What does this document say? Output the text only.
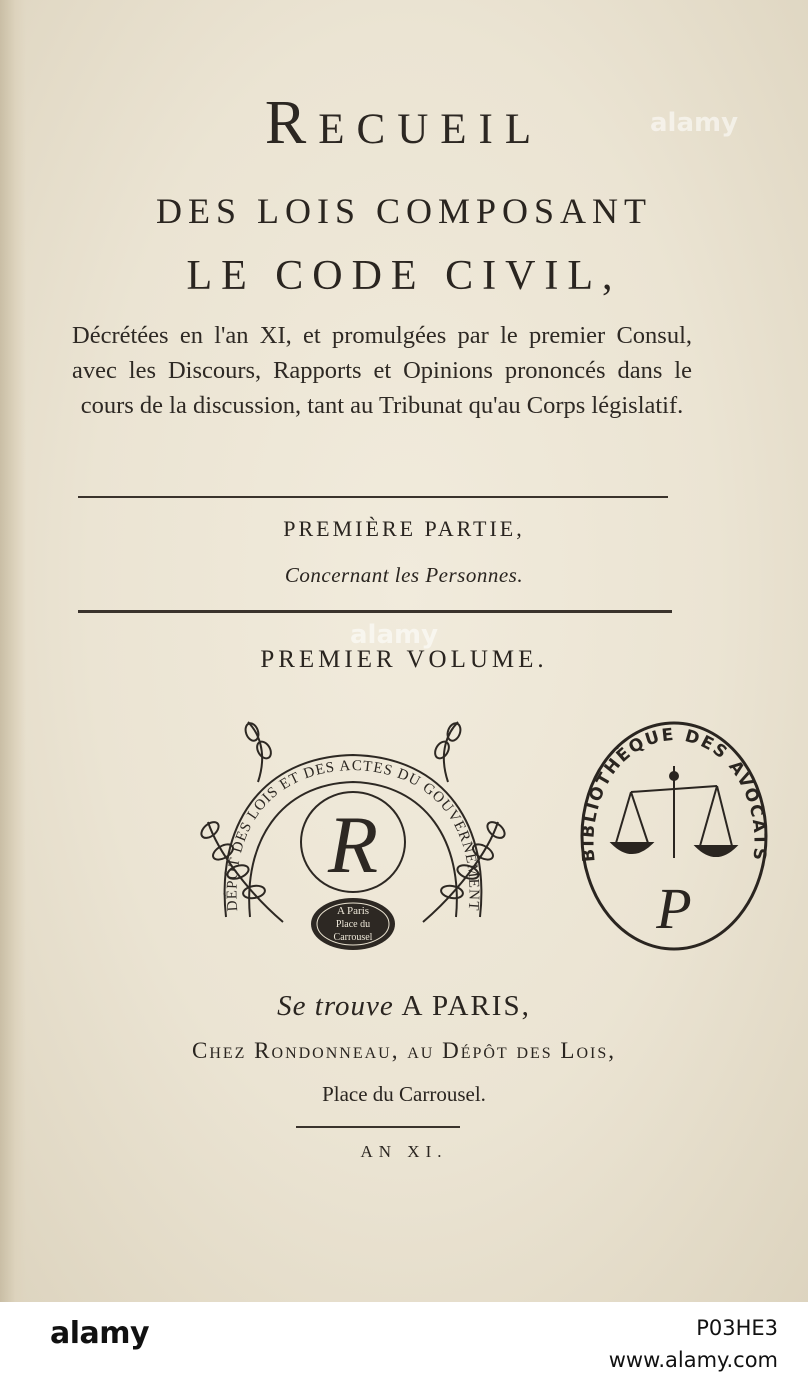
alamy
alamy
Recueil
DES LOIS COMPOSANT
LE CODE CIVIL,
Décrétées en l'an XI, et promulgées par le premier Consul, avec les Discours, Rapports et Opinions prononcés dans le cours de la discussion, tant au Tribunat qu'au Corps législatif.
PREMIÈRE PARTIE,
Concernant les Personnes.
PREMIER VOLUME.
DÉPÔT DES LOIS ET DES ACTES DU GOUVERNEMENT
R
A Paris
Place du
Carrousel
BIBLIOTHÈQUE DES AVOCATS
P
Se trouve A PARIS,
Chez Rondonneau, au Dépôt des Lois,
Place du Carrousel.
AN XI.
alamy	P03HE3
www.alamy.com
